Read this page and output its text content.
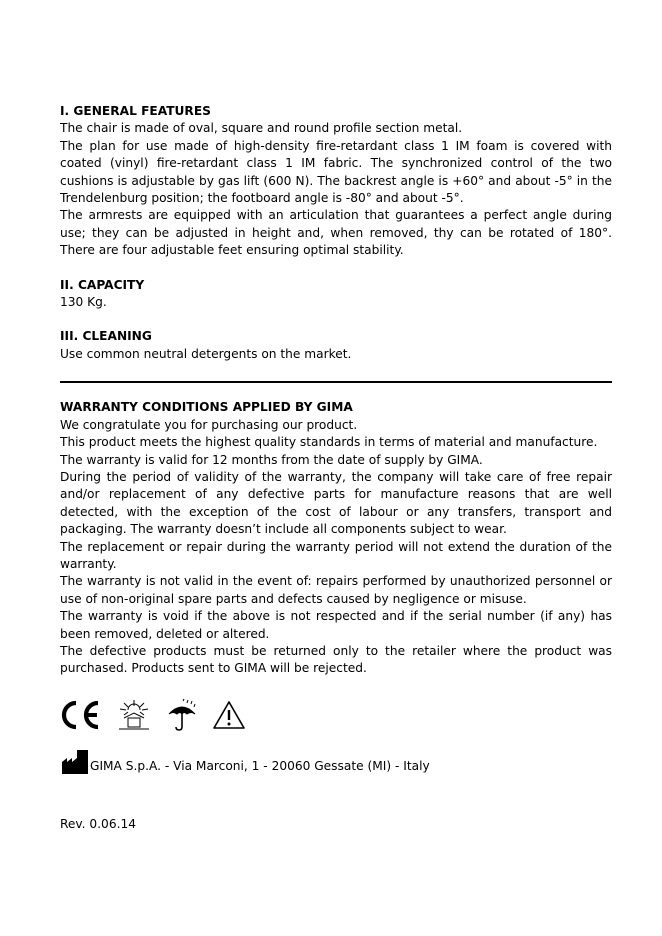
I. GENERAL FEATURES

The chair is made of oval, square and round profile section metal.

The plan for use made of high-density fire-retardant class 1 IM foam is covered with coated (vinyl) fire-retardant class 1 IM fabric. The synchronized control of the two cushions is adjustable by gas lift (600 N). The backrest angle is +60° and about -5° in the Trendelenburg position; the footboard angle is -80° and about -5°.

The armrests are equipped with an articulation that guarantees a perfect angle during use; they can be adjusted in height and, when removed, thy can be rotated of 180°. There are four adjustable feet ensuring optimal stability.

II. CAPACITY

130 Kg.

III. CLEANING

Use common neutral detergents on the market.

WARRANTY CONDITIONS APPLIED BY GIMA

We congratulate you for purchasing our product.

This product meets the highest quality standards in terms of material and manufacture.

The warranty is valid for 12 months from the date of supply by GIMA.

During the period of validity of the warranty, the company will take care of free repair and/or replacement of any defective parts for manufacture reasons that are well detected, with the exception of the cost of labour or any transfers, transport and packaging. The warranty doesn’t include all components subject to wear.

The replacement or repair during the warranty period will not extend the duration of the warranty.

The warranty is not valid in the event of: repairs performed by unauthorized personnel or use of non-original spare parts and defects caused by negligence or misuse.

The warranty is void if the above is not respected and if the serial number (if any) has been removed, deleted or altered.

The defective products must be returned only to the retailer where the product was purchased. Products sent to GIMA will be rejected.

GIMA S.p.A. - Via Marconi, 1 - 20060 Gessate (MI) - Italy
Rev. 0.06.14
